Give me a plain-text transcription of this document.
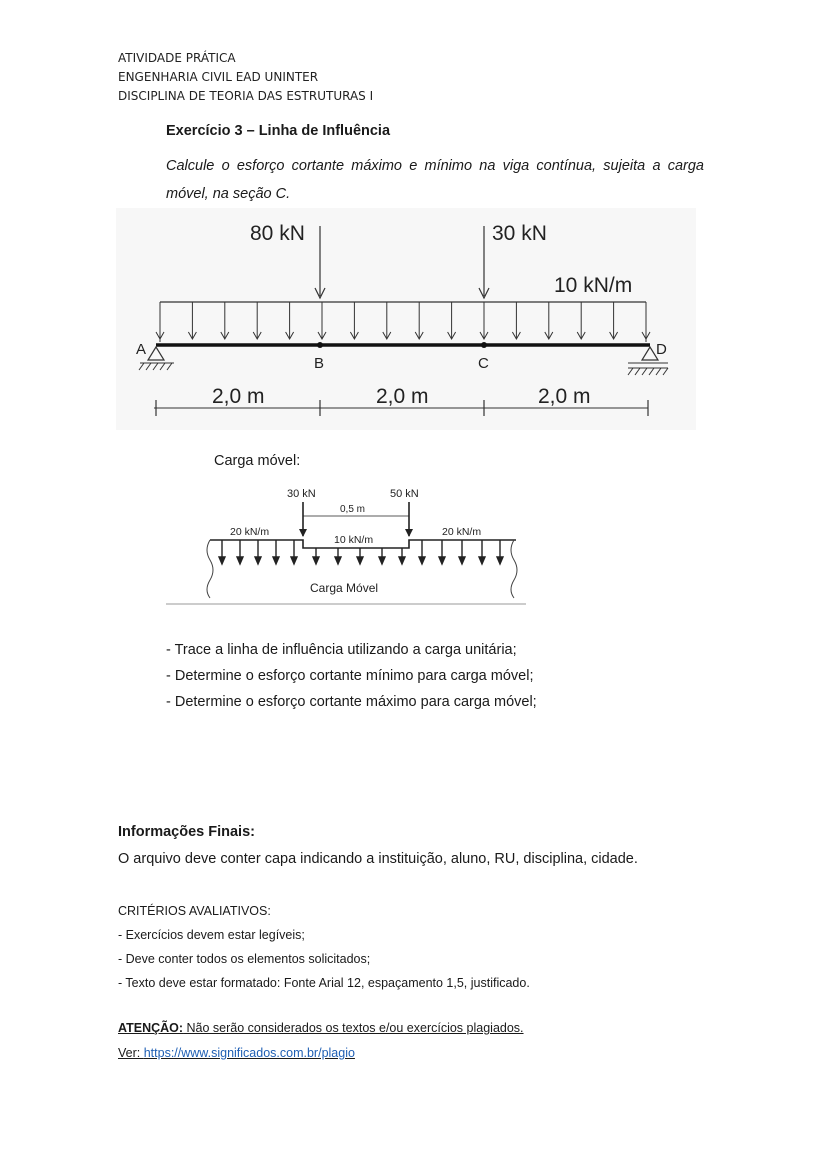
ATIVIDADE PRÁTICA
ENGENHARIA CIVIL EAD UNINTER
DISCIPLINA DE TEORIA DAS ESTRUTURAS I
Exercício 3 – Linha de Influência
Calcule o esforço cortante máximo e mínimo na viga contínua, sujeita a carga móvel, na seção C.
80 kN	30 kN
10 kN/m
A
B	C
D
2,0 m	2,0 m	2,0 m
Carga móvel:
30 kN	50 kN
0,5 m
20 kN/m
10 kN/m
20 kN/m
Carga Móvel
- Trace a linha de influência utilizando a carga unitária;
- Determine o esforço cortante mínimo para carga móvel;
- Determine o esforço cortante máximo para carga móvel;
Informações Finais:
O arquivo deve conter capa indicando a instituição, aluno, RU, disciplina, cidade.
CRITÉRIOS AVALIATIVOS:
- Exercícios devem estar legíveis;
- Deve conter todos os elementos solicitados;
- Texto deve estar formatado: Fonte Arial 12, espaçamento 1,5, justificado.
ATENÇÃO: Não serão considerados os textos e/ou exercícios plagiados.
Ver: https://www.significados.com.br/plagio
